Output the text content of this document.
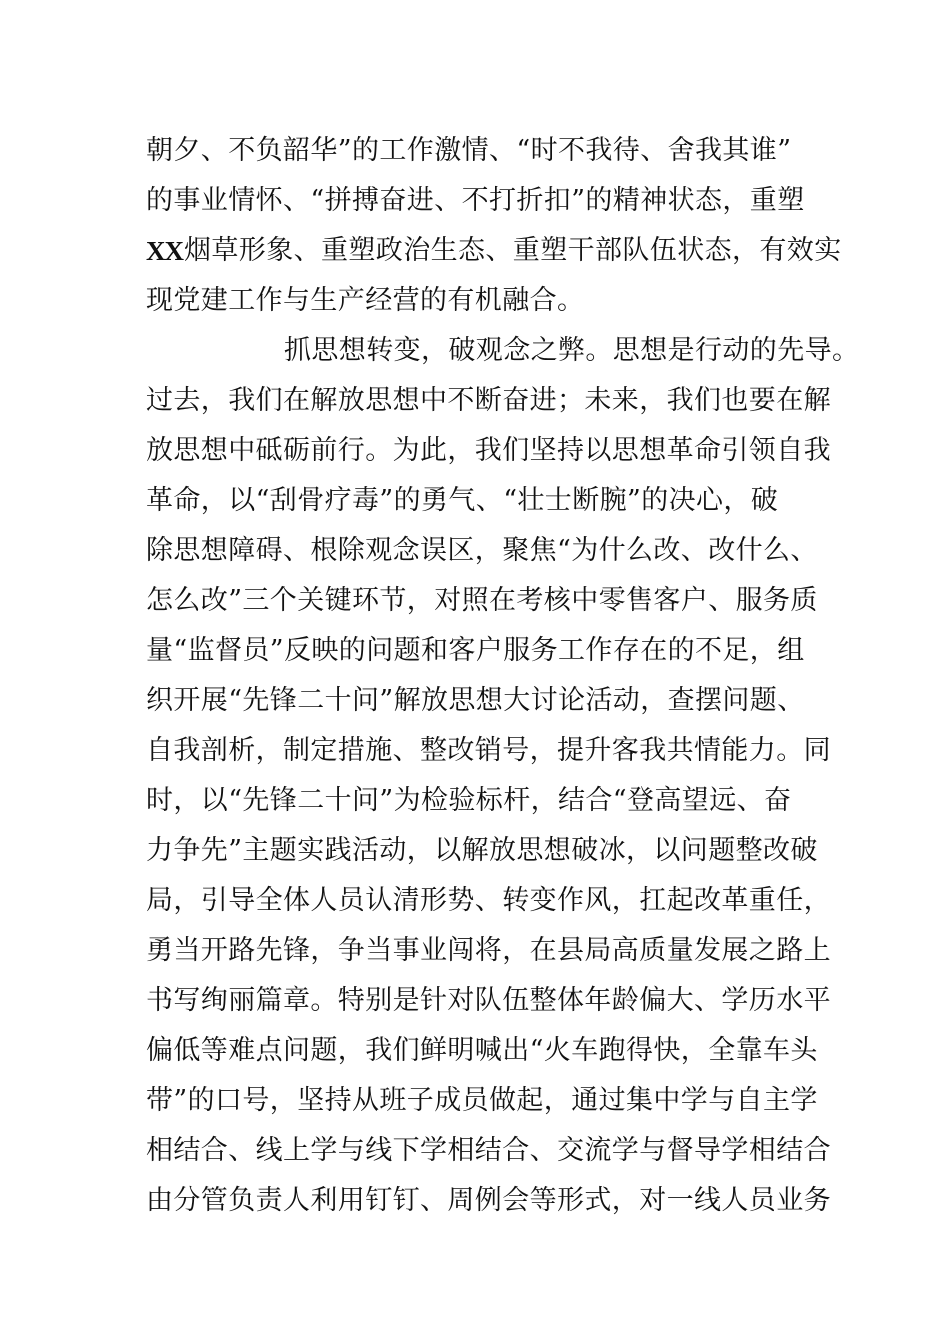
朝夕、不负韶华”的工作激情、“时不我待、舍我其谁”
的事业情怀、“拼搏奋进、不打折扣”的精神状态，重塑
XX 烟草形象、重塑政治生态、重塑干部队伍状态，有效实
现党建工作与生产经营的有机融合。
抓思想转变，破观念之弊。思想是行动的先导。
过去，我们在解放思想中不断奋进；未来，我们也要在解
放思想中砥砺前行。为此，我们坚持以思想革命引领自我
革命，以“刮骨疗毒”的勇气、“壮士断腕”的决心，破
除思想障碍、根除观念误区，聚焦“为什么改、改什么、
怎么改”三个关键环节，对照在考核中零售客户、服务质
量“监督员”反映的问题和客户服务工作存在的不足，组
织开展“先锋二十问”解放思想大讨论活动，查摆问题、
自我剖析，制定措施、整改销号，提升客我共情能力。同
时，以“先锋二十问”为检验标杆，结合“登高望远、奋
力争先”主题实践活动，以解放思想破冰，以问题整改破
局，引导全体人员认清形势、转变作风，扛起改革重任，
勇当开路先锋，争当事业闯将，在县局高质量发展之路上
书写绚丽篇章。特别是针对队伍整体年龄偏大、学历水平
偏低等难点问题，我们鲜明喊出“火车跑得快，全靠车头
带”的口号，坚持从班子成员做起，通过集中学与自主学
相结合、线上学与线下学相结合、交流学与督导学相结合
由分管负责人利用钉钉、周例会等形式，对一线人员业务
